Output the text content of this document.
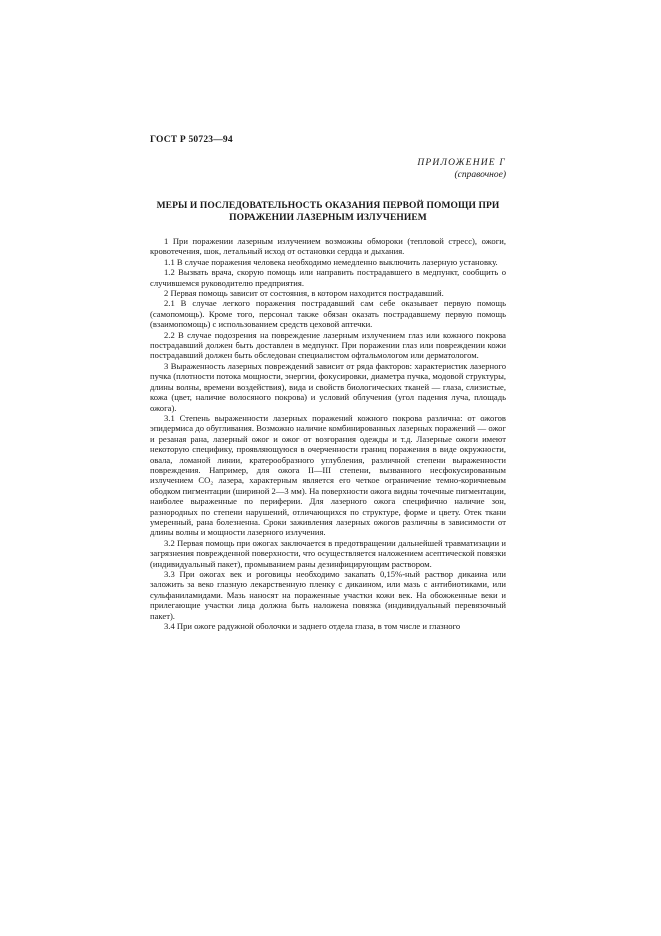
ГОСТ Р 50723—94
ПРИЛОЖЕНИЕ Г
(справочное)
МЕРЫ И ПОСЛЕДОВАТЕЛЬНОСТЬ ОКАЗАНИЯ ПЕРВОЙ ПОМОЩИ ПРИ ПОРАЖЕНИИ ЛАЗЕРНЫМ ИЗЛУЧЕНИЕМ

1 При поражении лазерным излучением возможны обмороки (тепловой стресс), ожоги, кровотечения, шок, летальный исход от остановки сердца и дыхания.

1.1 В случае поражения человека необходимо немедленно выключить лазерную установку.

1.2 Вызвать врача, скорую помощь или направить пострадавшего в медпункт, сообщить о случившемся руководителю предприятия.

2 Первая помощь зависит от состояния, в котором находится пострадавший.

2.1 В случае легкого поражения пострадавший сам себе оказывает первую помощь (самопомощь). Кроме того, персонал также обязан оказать пострадавшему первую помощь (взаимопомощь) с использованием средств цеховой аптечки.

2.2 В случае подозрения на повреждение лазерным излучением глаз или кожного покрова пострадавший должен быть доставлен в медпункт. При поражении глаз или повреждении кожи пострадавший должен быть обследован специалистом офтальмологом или дерматологом.

3 Выраженность лазерных повреждений зависит от ряда факторов: характеристик лазерного пучка (плотности потока мощности, энергии, фокусировки, диаметра пучка, модовой структуры, длины волны, времени воздействия), вида и свойств биологических тканей — глаза, слизистые, кожа (цвет, наличие волосяного покрова) и условий облучения (угол падения луча, площадь ожога).

3.1 Степень выраженности лазерных поражений кожного покрова различна: от ожогов эпидермиса до обугливания. Возможно наличие комбинированных лазерных поражений — ожог и резаная рана, лазерный ожог и ожог от возгорания одежды и т.д. Лазерные ожоги имеют некоторую специфику, проявляющуюся в очерченности границ поражения в виде окружности, овала, ломаной линии, кратерообразного углубления, различной степени выраженности повреждения. Например, для ожога II—III степени, вызванного несфокусированным излучением CO₂ лазера, характерным является его четкое ограничение темно-коричневым ободком пигментации (шириной 2—3 мм). На поверхности ожога видны точечные пигментации, наиболее выраженные по периферии. Для лазерного ожога специфично наличие зон, разнородных по степени нарушений, отличающихся по структуре, форме и цвету. Отек ткани умеренный, рана болезненна. Сроки заживления лазерных ожогов различны в зависимости от длины волны и мощности лазерного излучения.

3.2 Первая помощь при ожогах заключается в предотвращении дальнейшей травматизации и загрязнения поврежденной поверхности, что осуществляется наложением асептической повязки (индивидуальный пакет), промыванием раны дезинфицирующим раствором.

3.3 При ожогах век и роговицы необходимо закапать 0,15%-ный раствор дикаина или заложить за веко глазную лекарственную пленку с дикаином, или мазь с антибиотиками, или сульфаниламидами. Мазь наносят на пораженные участки кожи век. На обожженные веки и прилегающие участки лица должна быть наложена повязка (индивидуальный перевязочный пакет).

3.4 При ожоге радужной оболочки и заднего отдела глаза, в том числе и глазного
